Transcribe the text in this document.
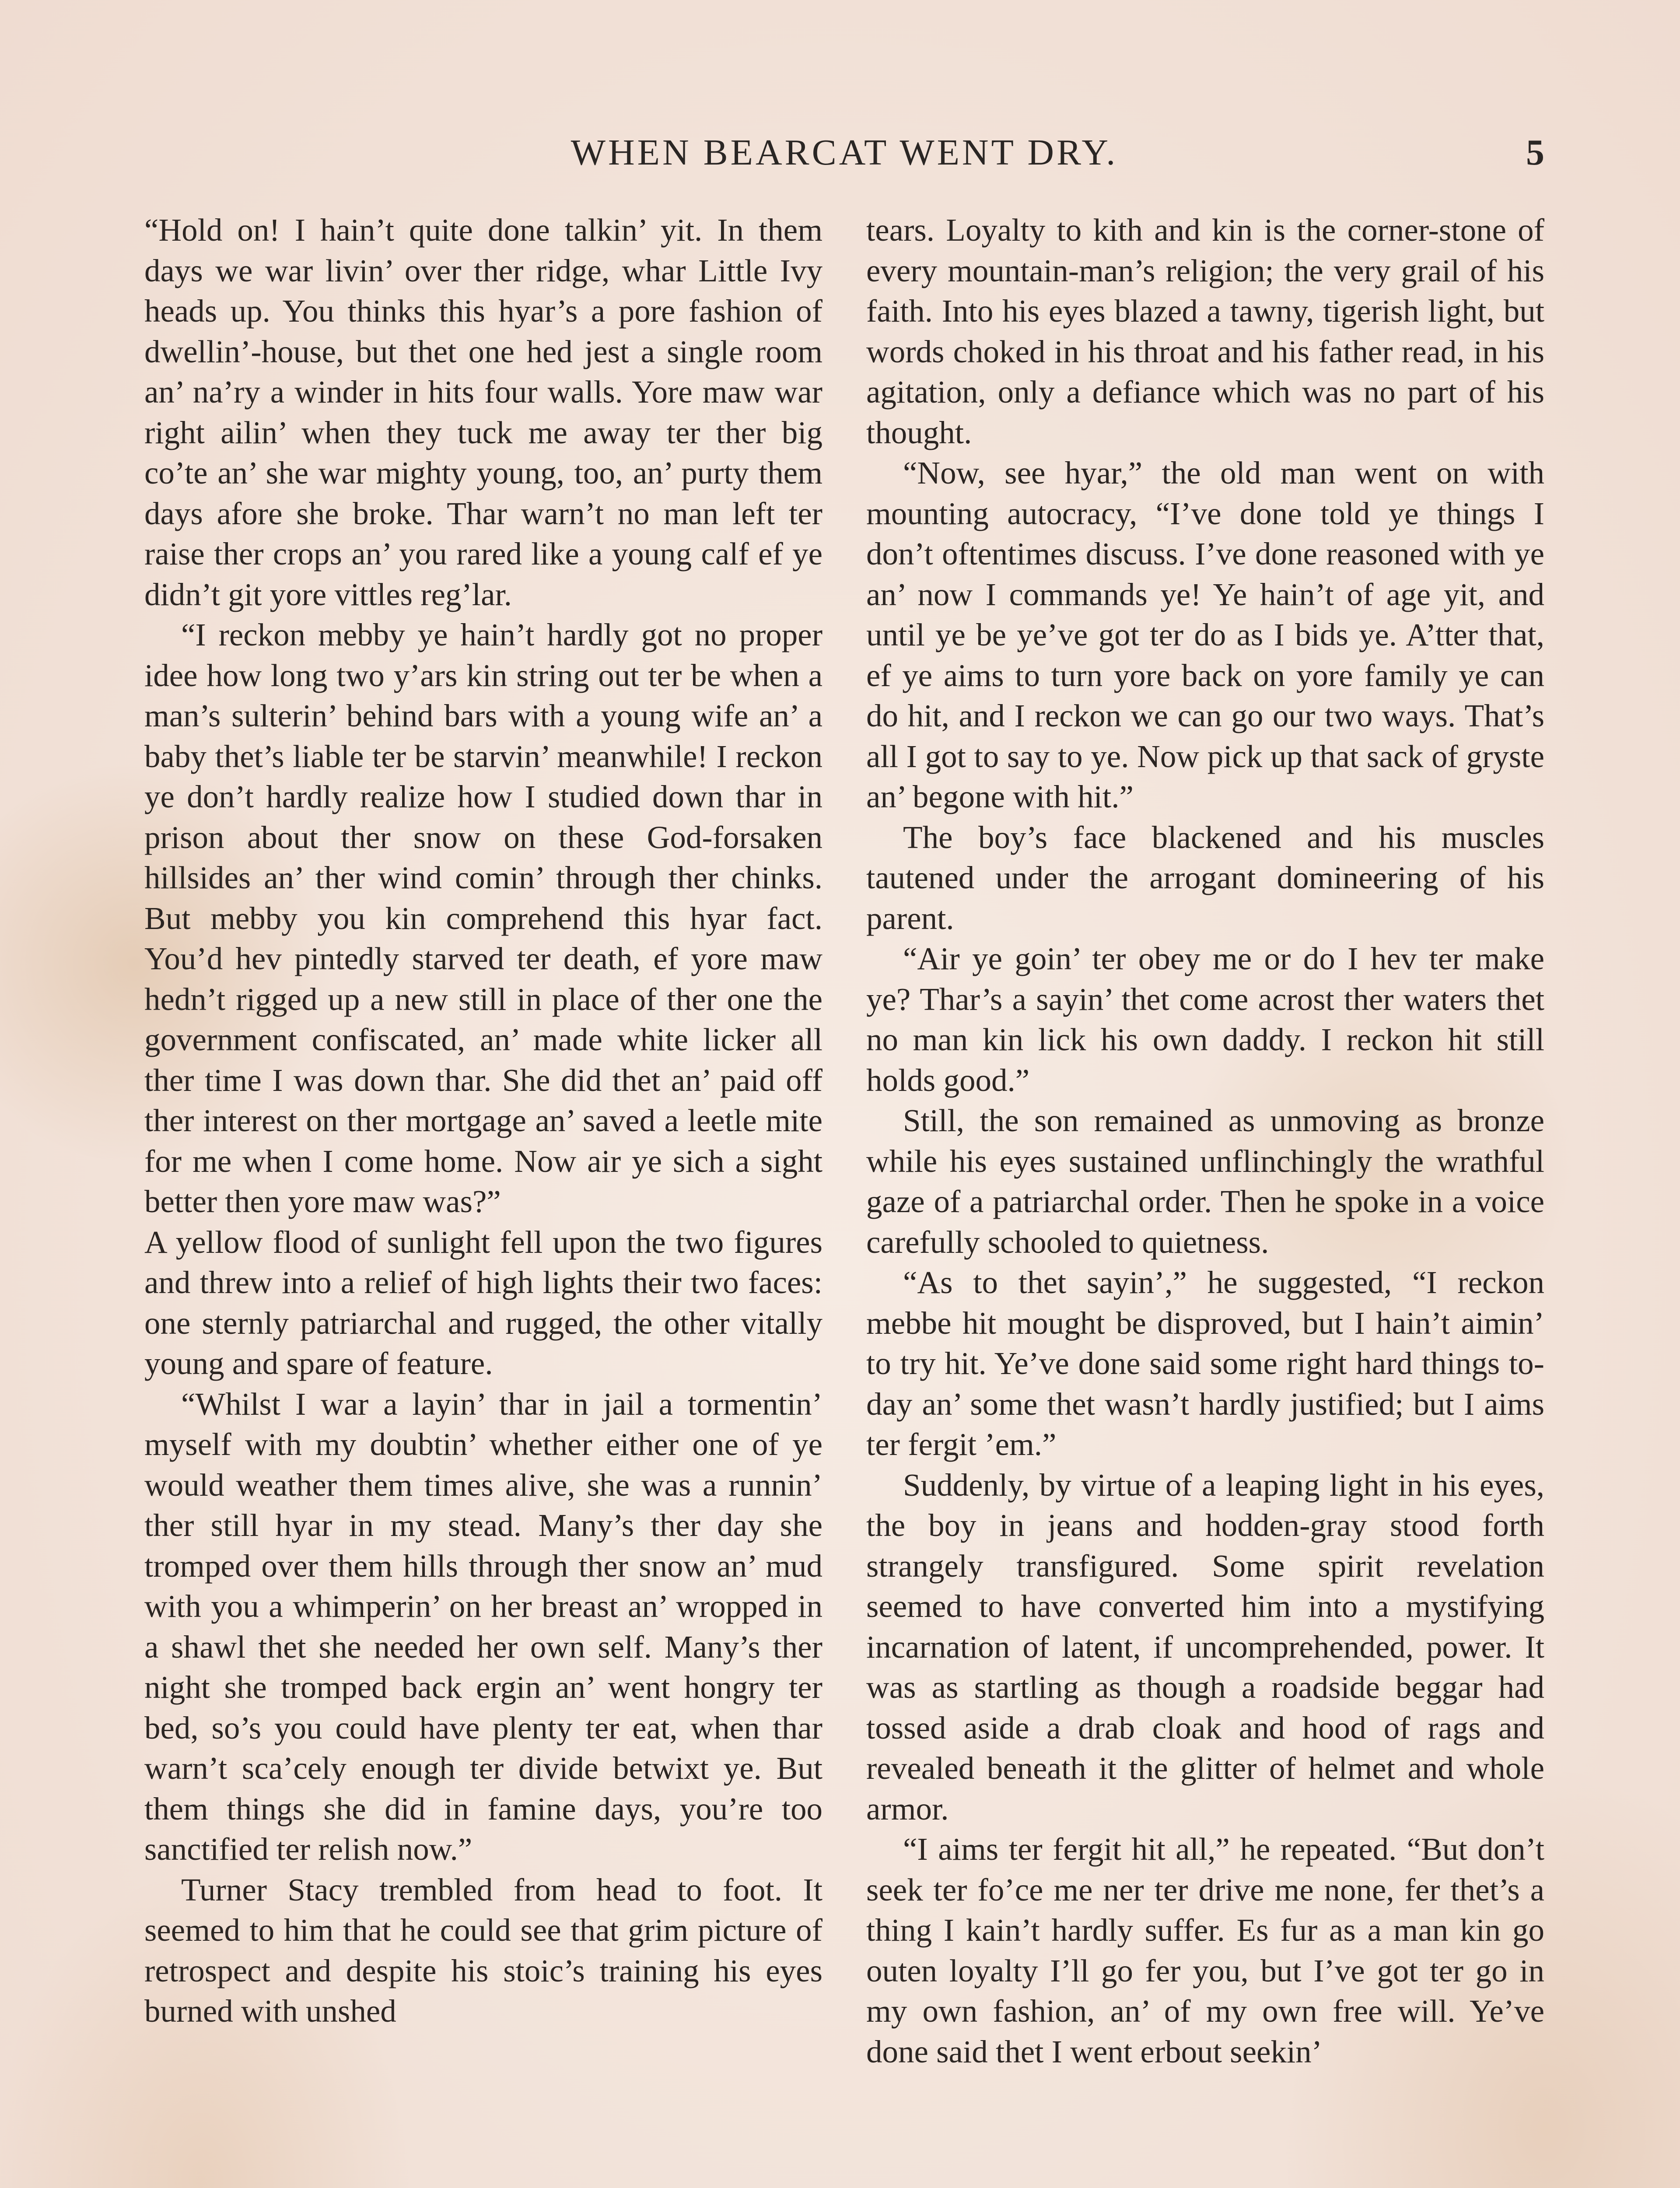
WHEN BEARCAT WENT DRY.	5

“Hold on! I hain’t quite done talkin’ yit. In them days we war livin’ over ther ridge, whar Little Ivy heads up. You thinks this hyar’s a pore fashion of dwellin’-house, but thet one hed jest a single room an’ na’ry a winder in hits four walls. Yore maw war right ailin’ when they tuck me away ter ther big co’te an’ she war mighty young, too, an’ purty them days afore she broke. Thar warn’t no man left ter raise ther crops an’ you rared like a young calf ef ye didn’t git yore vittles reg’lar.

“I reckon mebby ye hain’t hardly got no proper idee how long two y’ars kin string out ter be when a man’s sulterin’ behind bars with a young wife an’ a baby thet’s liable ter be starvin’ meanwhile! I reckon ye don’t hardly realize how I studied down thar in prison about ther snow on these God-forsaken hillsides an’ ther wind comin’ through ther chinks. But mebby you kin comprehend this hyar fact. You’d hev pintedly starved ter death, ef yore maw hedn’t rigged up a new still in place of ther one the government confiscated, an’ made white licker all ther time I was down thar. She did thet an’ paid off ther interest on ther mortgage an’ saved a leetle mite for me when I come home. Now air ye sich a sight better then yore maw was?”

A yellow flood of sunlight fell upon the two figures and threw into a relief of high lights their two faces: one sternly patriarchal and rugged, the other vitally young and spare of feature.

“Whilst I war a layin’ thar in jail a tormentin’ myself with my doubtin’ whether either one of ye would weather them times alive, she was a runnin’ ther still hyar in my stead. Many’s ther day she tromped over them hills through ther snow an’ mud with you a whimperin’ on her breast an’ wropped in a shawl thet she needed her own self. Many’s ther night she tromped back ergin an’ went hongry ter bed, so’s you could have plenty ter eat, when thar warn’t sca’cely enough ter divide betwixt ye. But them things she did in famine days, you’re too sanctified ter relish now.”

Turner Stacy trembled from head to foot. It seemed to him that he could see that grim picture of retrospect and despite his stoic’s training his eyes burned with unshed

tears. Loyalty to kith and kin is the corner-stone of every mountain-man’s religion; the very grail of his faith. Into his eyes blazed a tawny, tigerish light, but words choked in his throat and his father read, in his agitation, only a defiance which was no part of his thought.

“Now, see hyar,” the old man went on with mounting autocracy, “I’ve done told ye things I don’t oftentimes discuss. I’ve done reasoned with ye an’ now I commands ye! Ye hain’t of age yit, and until ye be ye’ve got ter do as I bids ye. A’tter that, ef ye aims to turn yore back on yore family ye can do hit, and I reckon we can go our two ways. That’s all I got to say to ye. Now pick up that sack of gryste an’ begone with hit.”

The boy’s face blackened and his muscles tautened under the arrogant domineering of his parent.

“Air ye goin’ ter obey me or do I hev ter make ye? Thar’s a sayin’ thet come acrost ther waters thet no man kin lick his own daddy. I reckon hit still holds good.”

Still, the son remained as unmoving as bronze while his eyes sustained unflinchingly the wrathful gaze of a patriarchal order. Then he spoke in a voice carefully schooled to quietness.

“As to thet sayin’,” he suggested, “I reckon mebbe hit mought be disproved, but I hain’t aimin’ to try hit. Ye’ve done said some right hard things to-day an’ some thet wasn’t hardly justified; but I aims ter fergit ’em.”

Suddenly, by virtue of a leaping light in his eyes, the boy in jeans and hodden-gray stood forth strangely transfigured. Some spirit revelation seemed to have converted him into a mystifying incarnation of latent, if uncomprehended, power. It was as startling as though a roadside beggar had tossed aside a drab cloak and hood of rags and revealed beneath it the glitter of helmet and whole armor.

“I aims ter fergit hit all,” he repeated. “But don’t seek ter fo’ce me ner ter drive me none, fer thet’s a thing I kain’t hardly suffer. Es fur as a man kin go outen loyalty I’ll go fer you, but I’ve got ter go in my own fashion, an’ of my own free will. Ye’ve done said thet I went erbout seekin’
